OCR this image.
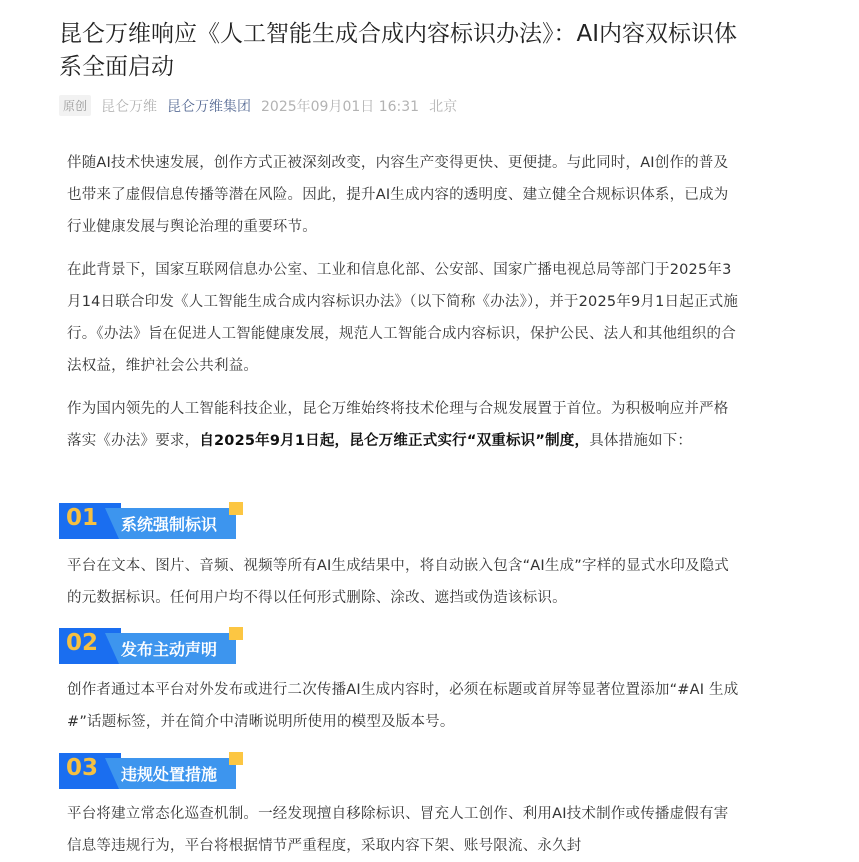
昆仑万维响应《人工智能生成合成内容标识办法》：AI内容双标识体系全面启动
原创 昆仑万维 昆仑万维集团 2025年09月01日 16:31 北京

伴随AI技术快速发展，创作方式正被深刻改变，内容生产变得更快、更便捷。与此同时，AI创作的普及也带来了虚假信息传播等潜在风险。因此，提升AI生成内容的透明度、建立健全合规标识体系，已成为行业健康发展与舆论治理的重要环节。

在此背景下，国家互联网信息办公室、工业和信息化部、公安部、国家广播电视总局等部门于2025年3月14日联合印发《人工智能生成合成内容标识办法》（以下简称《办法》），并于2025年9月1日起正式施行。《办法》旨在促进人工智能健康发展，规范人工智能合成内容标识，保护公民、法人和其他组织的合法权益，维护社会公共利益。

作为国内领先的人工智能科技企业，昆仑万维始终将技术伦理与合规发展置于首位。为积极响应并严格落实《办法》要求，自2025年9月1日起，昆仑万维正式实行“双重标识”制度，具体措施如下：

01 系统强制标识

平台在文本、图片、音频、视频等所有AI生成结果中，将自动嵌入包含“AI生成”字样的显式水印及隐式的元数据标识。任何用户均不得以任何形式删除、涂改、遮挡或伪造该标识。

02 发布主动声明

创作者通过本平台对外发布或进行二次传播AI生成内容时，必须在标题或首屏等显著位置添加“#AI 生成#”话题标签，并在简介中清晰说明所使用的模型及版本号。

03 违规处置措施

平台将建立常态化巡查机制。一经发现擅自移除标识、冒充人工创作、利用AI技术制作或传播虚假有害信息等违规行为，平台将根据情节严重程度，采取内容下架、账号限流、永久封
